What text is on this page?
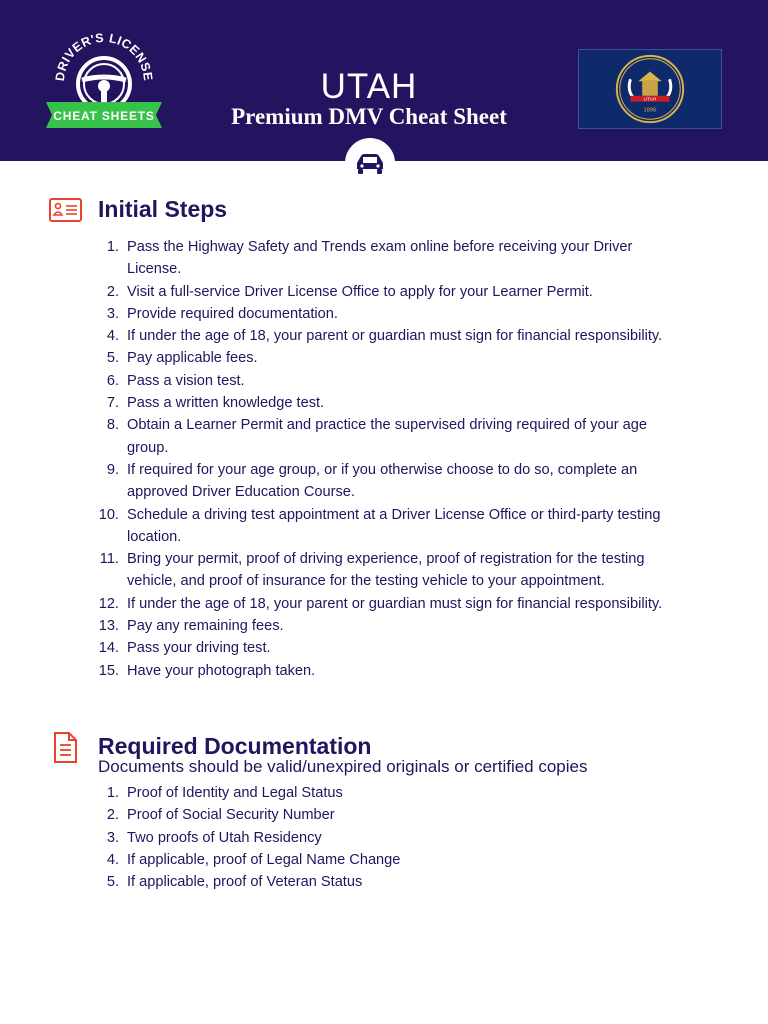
DRIVER'S LICENSE
CHEAT SHEETS
UTAH
Premium DMV Cheat Sheet
UTAH
1896
Initial Steps
1. Pass the Highway Safety and Trends exam online before receiving your Driver
License.
2. Visit a full-service Driver License Office to apply for your Learner Permit.
3. Provide required documentation.
4. If under the age of 18, your parent or guardian must sign for financial responsibility.
5. Pay applicable fees.
6. Pass a vision test.
7. Pass a written knowledge test.
8. Obtain a Learner Permit and practice the supervised driving required of your age
group.
9. If required for your age group, or if you otherwise choose to do so, complete an
approved Driver Education Course.
10. Schedule a driving test appointment at a Driver License Office or third-party testing
location.
11. Bring your permit, proof of driving experience, proof of registration for the testing
vehicle, and proof of insurance for the testing vehicle to your appointment.
12. If under the age of 18, your parent or guardian must sign for financial responsibility.
13. Pay any remaining fees.
14. Pass your driving test.
15. Have your photograph taken.
Required Documentation
Documents should be valid/unexpired originals or certified copies
1. Proof of Identity and Legal Status
2. Proof of Social Security Number
3. Two proofs of Utah Residency
4. If applicable, proof of Legal Name Change
5. If applicable, proof of Veteran Status
